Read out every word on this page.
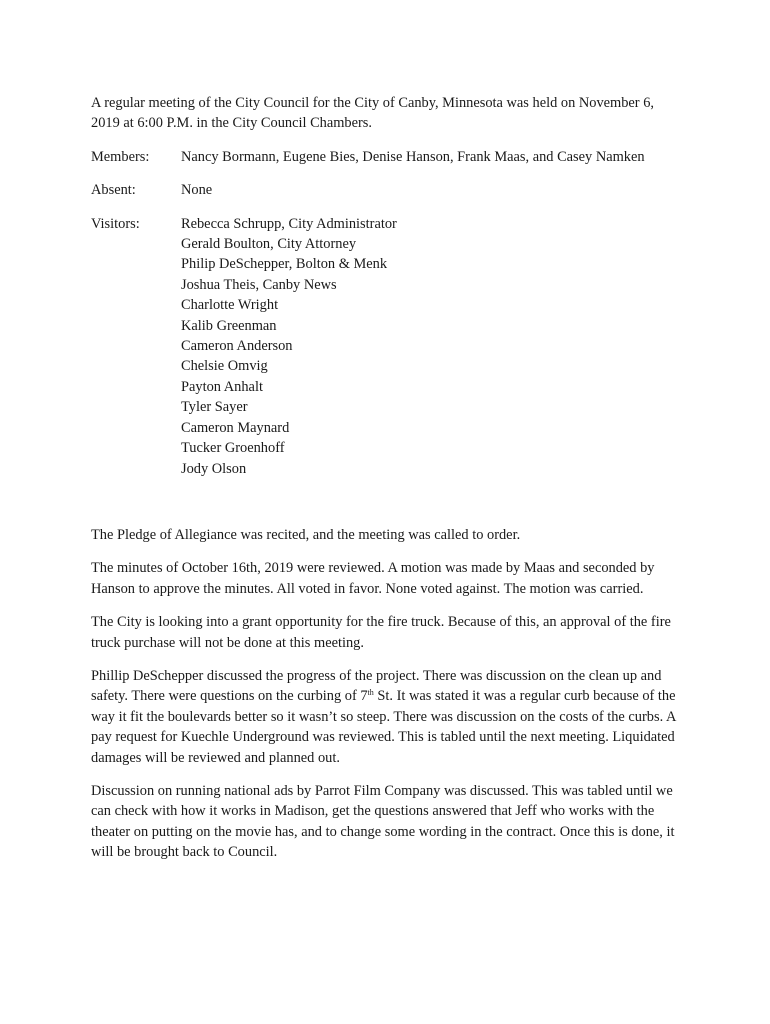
A regular meeting of the City Council for the City of Canby, Minnesota was held on November 6, 2019 at 6:00 P.M. in the City Council Chambers.

Members:	Nancy Bormann, Eugene Bies, Denise Hanson, Frank Maas, and Casey Namken
Absent:	None
Visitors:	Rebecca Schrupp, City Administrator
Gerald Boulton, City Attorney
Philip DeSchepper, Bolton & Menk
Joshua Theis, Canby News
Charlotte Wright
Kalib Greenman
Cameron Anderson
Chelsie Omvig
Payton Anhalt
Tyler Sayer
Cameron Maynard
Tucker Groenhoff
Jody Olson

The Pledge of Allegiance was recited, and the meeting was called to order.

The minutes of October 16th, 2019 were reviewed. A motion was made by Maas and seconded by Hanson to approve the minutes. All voted in favor. None voted against. The motion was carried.

The City is looking into a grant opportunity for the fire truck. Because of this, an approval of the fire truck purchase will not be done at this meeting.

Phillip DeSchepper discussed the progress of the project. There was discussion on the clean up and safety. There were questions on the curbing of 7th St. It was stated it was a regular curb because of the way it fit the boulevards better so it wasn’t so steep. There was discussion on the costs of the curbs. A pay request for Kuechle Underground was reviewed. This is tabled until the next meeting. Liquidated damages will be reviewed and planned out.

Discussion on running national ads by Parrot Film Company was discussed. This was tabled until we can check with how it works in Madison, get the questions answered that Jeff who works with the theater on putting on the movie has, and to change some wording in the contract. Once this is done, it will be brought back to Council.
